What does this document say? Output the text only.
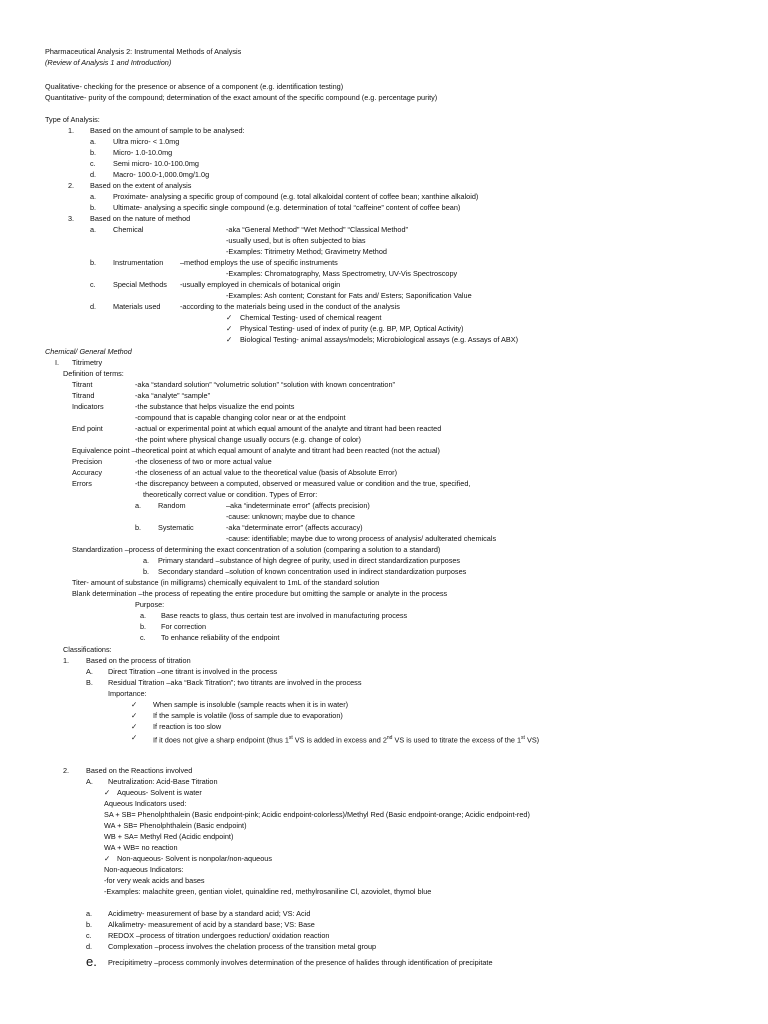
Pharmaceutical Analysis 2: Instrumental Methods of Analysis
(Review of Analysis 1 and Introduction)
Qualitative- checking for the presence or absence of a component (e.g. identification testing)
Quantitative- purity of the compound; determination of the exact amount of the specific compound (e.g. percentage purity)
Type of Analysis:
1. Based on the amount of sample to be analysed:
a. Ultra micro- < 1.0mg
b. Micro- 1.0-10.0mg
c. Semi micro- 10.0-100.0mg
d. Macro- 100.0-1,000.0mg/1.0g
2. Based on the extent of analysis
a. Proximate- analysing a specific group of compound (e.g. total alkaloidal content of coffee bean; xanthine alkaloid)
b. Ultimate- analysing a specific single compound (e.g. determination of total “caffeine” content of coffee bean)
3. Based on the nature of method
a. Chemical	-aka “General Method” “Wet Method” “Classical Method”
-usually used, but is often subjected to bias
-Examples: Titrimetry Method; Gravimetry Method
b. Instrumentation –method employs the use of specific instruments
-Examples: Chromatography, Mass Spectrometry, UV-Vis Spectroscopy
c. Special Methods -usually employed in chemicals of botanical origin
-Examples: Ash content; Constant for Fats and/ Esters; Saponification Value
d. Materials used	-according to the materials being used in the conduct of the analysis
✓ Chemical Testing- used of chemical reagent
✓ Physical Testing- used of index of purity (e.g. BP, MP, Optical Activity)
✓ Biological Testing- animal assays/models; Microbiological assays (e.g. Assays of ABX)
Chemical/ General Method
I. Titrimetry
Definition of terms:
Titrant	-aka “standard solution” “volumetric solution” “solution with known concentration”
Titrand	-aka “analyte” “sample”
Indicators	-the substance that helps visualize the end points
-compound that is capable changing color near or at the endpoint
End point	-actual or experimental point at which equal amount of the analyte and titrant had been reacted
-the point where physical change usually occurs (e.g. change of color)
Equivalence point –theoretical point at which equal amount of analyte and titrant had been reacted (not the actual)
Precision	-the closeness of two or more actual value
Accuracy	-the closeness of an actual value to the theoretical value (basis of Absolute Error)
Errors	-the discrepancy between a computed, observed or measured value or condition and the true, specified,
theoretically correct value or condition. Types of Error:
a. Random	–aka “indeterminate error” (affects precision)
-cause: unknown; maybe due to chance
b. Systematic	-aka “determinate error” (affects accuracy)
-cause: identifiable; maybe due to wrong process of analysis/ adulterated chemicals
Standardization –process of determining the exact concentration of a solution (comparing a solution to a standard)
a. Primary standard –substance of high degree of purity, used in direct standardization purposes
b. Secondary standard –solution of known concentration used in indirect standardization purposes
Titer- amount of substance (in milligrams) chemically equivalent to 1mL of the standard solution
Blank determination –the process of repeating the entire procedure but omitting the sample or analyte in the process
Purpose:
a. Base reacts to glass, thus certain test are involved in manufacturing process
b. For correction
c. To enhance reliability of the endpoint
Classifications:
1. Based on the process of titration
A. Direct Titration –one titrant is involved in the process
B. Residual Titration –aka “Back Titration”; two titrants are involved in the process
Importance:
✓ When sample is insoluble (sample reacts when it is in water)
✓ If the sample is volatile (loss of sample due to evaporation)
✓ If reaction is too slow
✓ If it does not give a sharp endpoint (thus 1st VS is added in excess and 2nd VS is used to titrate the excess of the 1st VS)
2. Based on the Reactions involved
A. Neutralization: Acid-Base Titration
✓ Aqueous- Solvent is water
Aqueous Indicators used:
SA + SB= Phenolphthalein (Basic endpoint-pink; Acidic endpoint-colorless)/Methyl Red (Basic endpoint-orange; Acidic endpoint-red)
WA + SB= Phenolphthalein (Basic endpoint)
WB + SA= Methyl Red (Acidic endpoint)
WA + WB= no reaction
✓ Non-aqueous- Solvent is nonpolar/non-aqueous
Non-aqueous Indicators:
-for very weak acids and bases
-Examples: malachite green, gentian violet, quinaldine red, methylrosaniline Cl, azoviolet, thymol blue
a. Acidimetry- measurement of base by a standard acid; VS: Acid
b. Alkalimetry- measurement of acid by a standard base; VS: Base
c. REDOX –process of titration undergoes reduction/ oxidation reaction
d. Complexation –process involves the chelation process of the transition metal group
e. Precipitimetry –process commonly involves determination of the presence of halides through identification of precipitate
